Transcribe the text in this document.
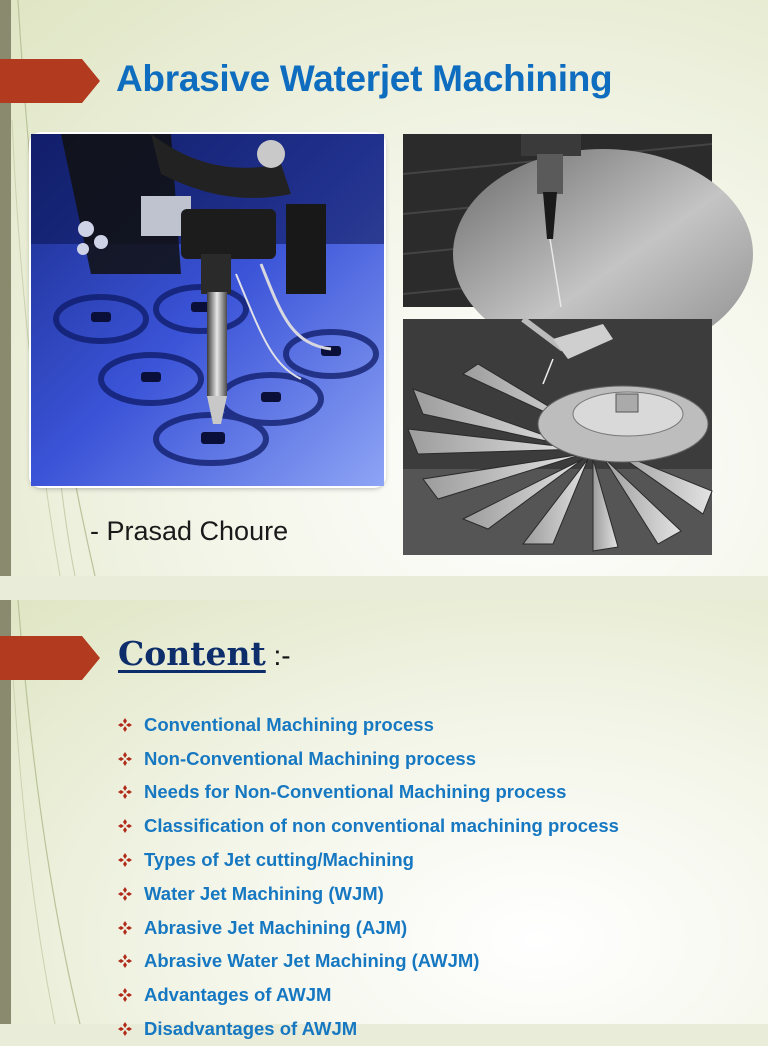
Abrasive Waterjet Machining
- Prasad Choure
Content :-
Conventional Machining process
Non-Conventional Machining process
Needs for Non-Conventional Machining process
Classification of non conventional machining process
Types of Jet cutting/Machining
Water Jet Machining (WJM)
Abrasive Jet Machining (AJM)
Abrasive Water Jet Machining (AWJM)
Advantages of AWJM
Disadvantages of AWJM
